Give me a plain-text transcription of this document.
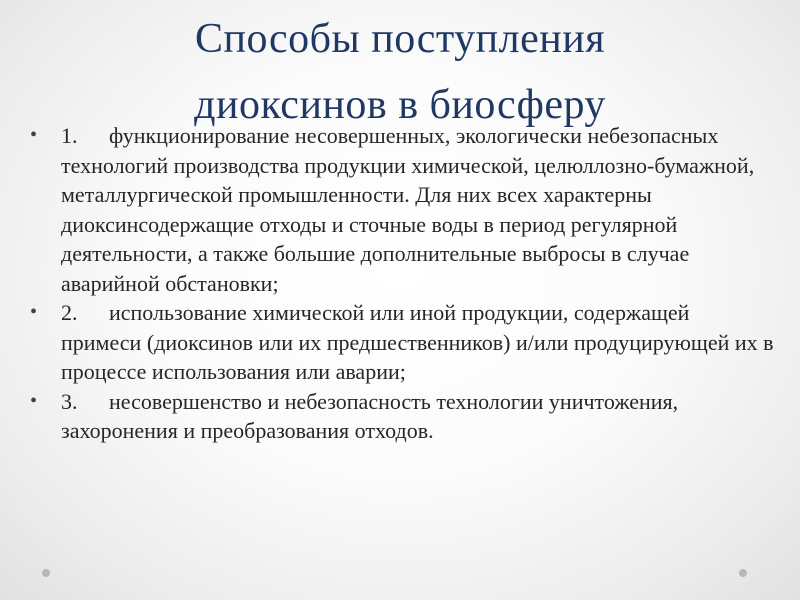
Способы поступления
диоксинов в биосферу
• 1. функционирование несовершенных, экологически небезопасных технологий производства продукции химической, целюллозно-бумажной, металлургической промышленности. Для них всех характерны диоксинсодержащие отходы и сточные воды в период регулярной деятельности, а также большие дополнительные выбросы в случае аварийной обстановки;
• 2. использование химической или иной продукции, содержащей примеси (диоксинов или их предшественников) и/или продуцирующей их в процессе использования или аварии;
• 3. несовершенство и небезопасность технологии уничтожения, захоронения и преобразования отходов.
